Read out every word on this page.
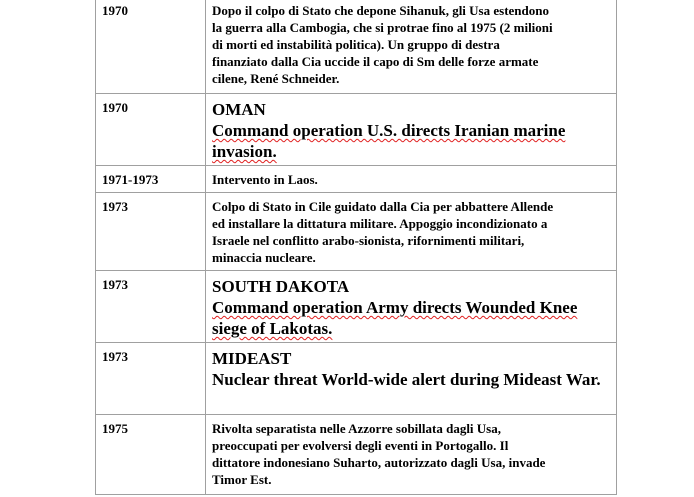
1970	Dopo il colpo di Stato che depone Sihanuk, gli Usa estendono
la guerra alla Cambogia, che si protrae fino al 1975 (2 milioni
di morti ed instabilità politica). Un gruppo di destra
finanziato dalla Cia uccide il capo di Sm delle forze armate
cilene, René Schneider.

1970	OMAN
Command operation U.S. directs Iranian marine invasion.

1971-1973	Intervento in Laos.

1973	Colpo di Stato in Cile guidato dalla Cia per abbattere Allende
ed installare la dittatura militare. Appoggio incondizionato a
Israele nel conflitto arabo-sionista, rifornimenti militari,
minaccia nucleare.

1973	SOUTH DAKOTA
Command operation Army directs Wounded Knee siege of Lakotas.

1973	MIDEAST
Nuclear threat World-wide alert during Mideast War.

1975	Rivolta separatista nelle Azzorre sobillata dagli Usa,
preoccupati per evolversi degli eventi in Portogallo. Il
dittatore indonesiano Suharto, autorizzato dagli Usa, invade
Timor Est.
